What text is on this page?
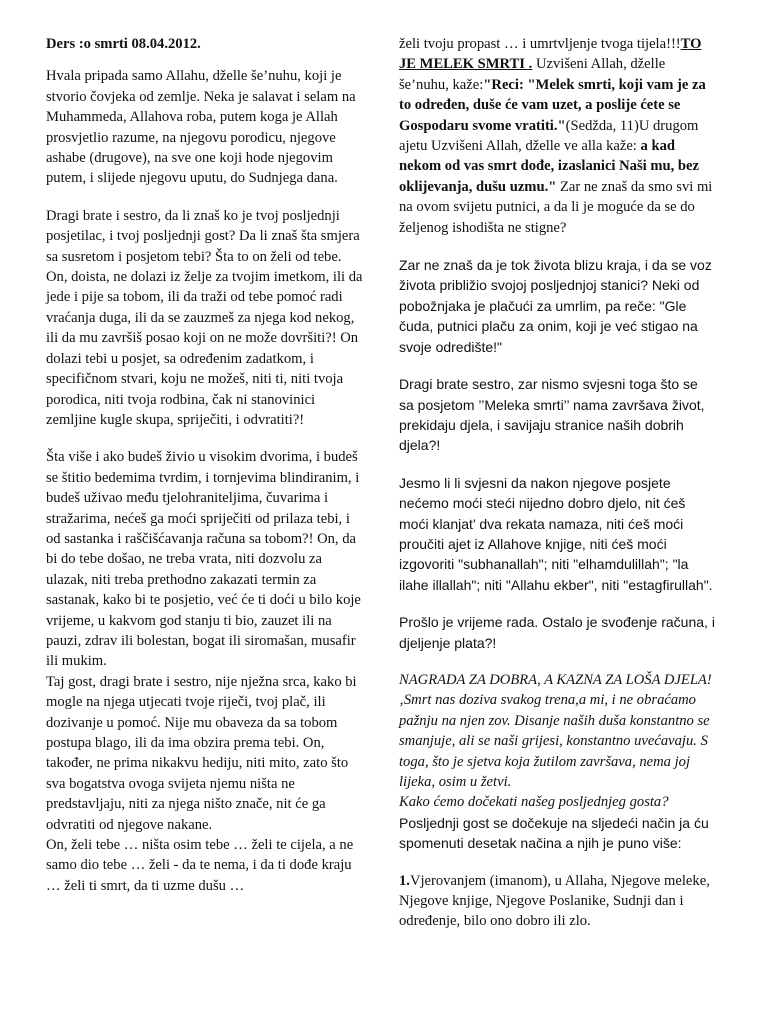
Ders :o smrti 08.04.2012.

Hvala pripada samo Allahu, dželle še’nuhu, koji je stvorio čovjeka od zemlje. Neka je salavat i selam na Muhammeda, Allahova roba, putem koga je Allah prosvjetlio razume, na njegovu porodicu, njegove ashabe (drugove), na sve one koji hode njegovim putem, i slijede njegovu uputu, do Sudnjega dana.

Dragi brate i sestro, da li znaš ko je tvoj posljednji posjetilac, i tvoj posljednji gost? Da li znaš šta smjera sa susretom i posjetom tebi? Šta to on želi od tebe. On, doista, ne dolazi iz želje za tvojim imetkom, ili da jede i pije sa tobom, ili da traži od tebe pomoć radi vraćanja duga, ili da se zauzmeš za njega kod nekog, ili da mu završiš posao koji on ne može dovršiti?! On dolazi tebi u posjet, sa određenim zadatkom, i specifičnom stvari, koju ne možeš, niti ti, niti tvoja porodica, niti tvoja rodbina, čak ni stanovinici zemljine kugle skupa, spriječiti, i odvratiti?!

Šta više i ako budeš živio u visokim dvorima, i budeš se štitio bedemima tvrdim, i tornjevima blindiranim, i budeš uživao među tjelohraniteljima, čuvarima i stražarima, nećeš ga moći spriječiti od prilaza tebi, i od sastanka i raščišćavanja računa sa tobom?! On, da bi do tebe došao, ne treba vrata, niti dozvolu za ulazak, niti treba prethodno zakazati termin za sastanak, kako bi te posjetio, već će ti doći u bilo koje vrijeme, u kakvom god stanju ti bio, zauzet ili na pauzi, zdrav ili bolestan, bogat ili siromašan, musafir ili mukim.

Taj gost, dragi brate i sestro, nije nježna srca, kako bi mogle na njega utjecati tvoje riječi, tvoj plač, ili dozivanje u pomoć. Nije mu obaveza da sa tobom postupa blago, ili da ima obzira prema tebi. On, također, ne prima nikakvu hediju, niti mito, zato što sva bogatstva ovoga svijeta njemu ništa ne predstavljaju, niti za njega ništo znače, nit će ga odvratiti od njegove nakane.

On, želi tebe … ništa osim tebe … želi te cijela, a ne samo dio tebe … želi - da te nema, i da ti dođe kraju … želi ti smrt, da ti uzme dušu …

želi tvoju propast … i umrtvljenje tvoga tijela!!!TO JE MELEK SMRTI . Uzvišeni Allah, dželle še’nuhu, kaže:"Reci: "Melek smrti, koji vam je za to određen, duše će vam uzet, a poslije ćete se Gospodaru svome vratiti."(Sedžda, 11)U drugom ajetu Uzvišeni Allah, dželle ve alla kaže: a kad nekom od vas smrt dođe, izaslanici Naši mu, bez oklijevanja, dušu uzmu." Zar ne znaš da smo svi mi na ovom svijetu putnici, a da li je moguće da se do željenog ishodišta ne stigne?

Zar ne znaš da je tok života blizu kraja, i da se voz života približio svojoj posljednjoj stanici? Neki od pobožnjaka je plačući za umrlim, pa reče: "Gle čuda, putnici plaču za onim, koji je već stigao na svoje odredište!"

Dragi brate sestro, zar nismo svjesni toga što se sa posjetom ’’Meleka smrti’’ nama završava život, prekidaju djela, i savijaju stranice naših dobrih djela?!

Jesmo li li svjesni da nakon njegove posjete nećemo moći steći nijedno dobro djelo, nit ćeš moći klanjat’ dva rekata namaza, niti ćeš moći proučiti ajet iz Allahove knjige, niti ćeš moći izgovoriti "subhanallah"; niti "elhamdulillah"; "la ilahe illallah"; niti "Allahu ekber", niti "estagfirullah".

Prošlo je vrijeme rada. Ostalo je svođenje računa, i djeljenje plata?!

NAGRADA ZA DOBRA, A KAZNA ZA LOŠA DJELA!

‚Smrt nas doziva svakog trena,a mi, i ne obraćamo pažnju na njen zov. Disanje naših duša konstantno se smanjuje, ali se naši grijesi, konstantno uvećavaju. S toga, što je sjetva koja žutilom završava, nema joj lijeka, osim u žetvi.

Kako ćemo dočekati našeg posljednjeg gosta?

Posljednji gost se dočekuje na sljedeći način ja ću spomenuti desetak načina a njih je puno više:

1.Vjerovanjem (imanom), u Allaha, Njegove meleke, Njegove knjige, Njegove Poslanike, Sudnji dan i određenje, bilo ono dobro ili zlo.
